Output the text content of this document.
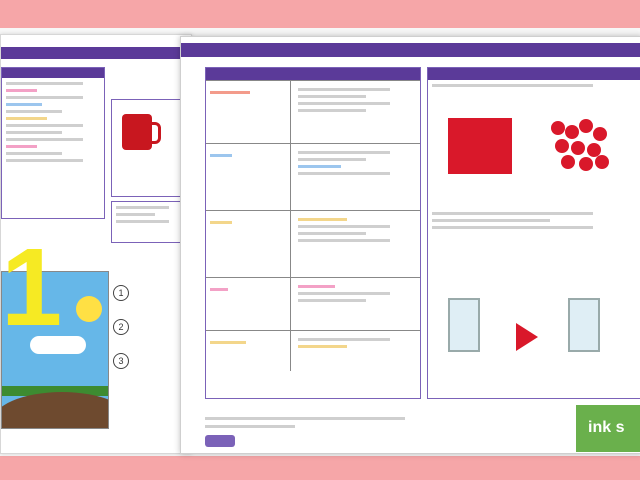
1	1
2
3
ink s
